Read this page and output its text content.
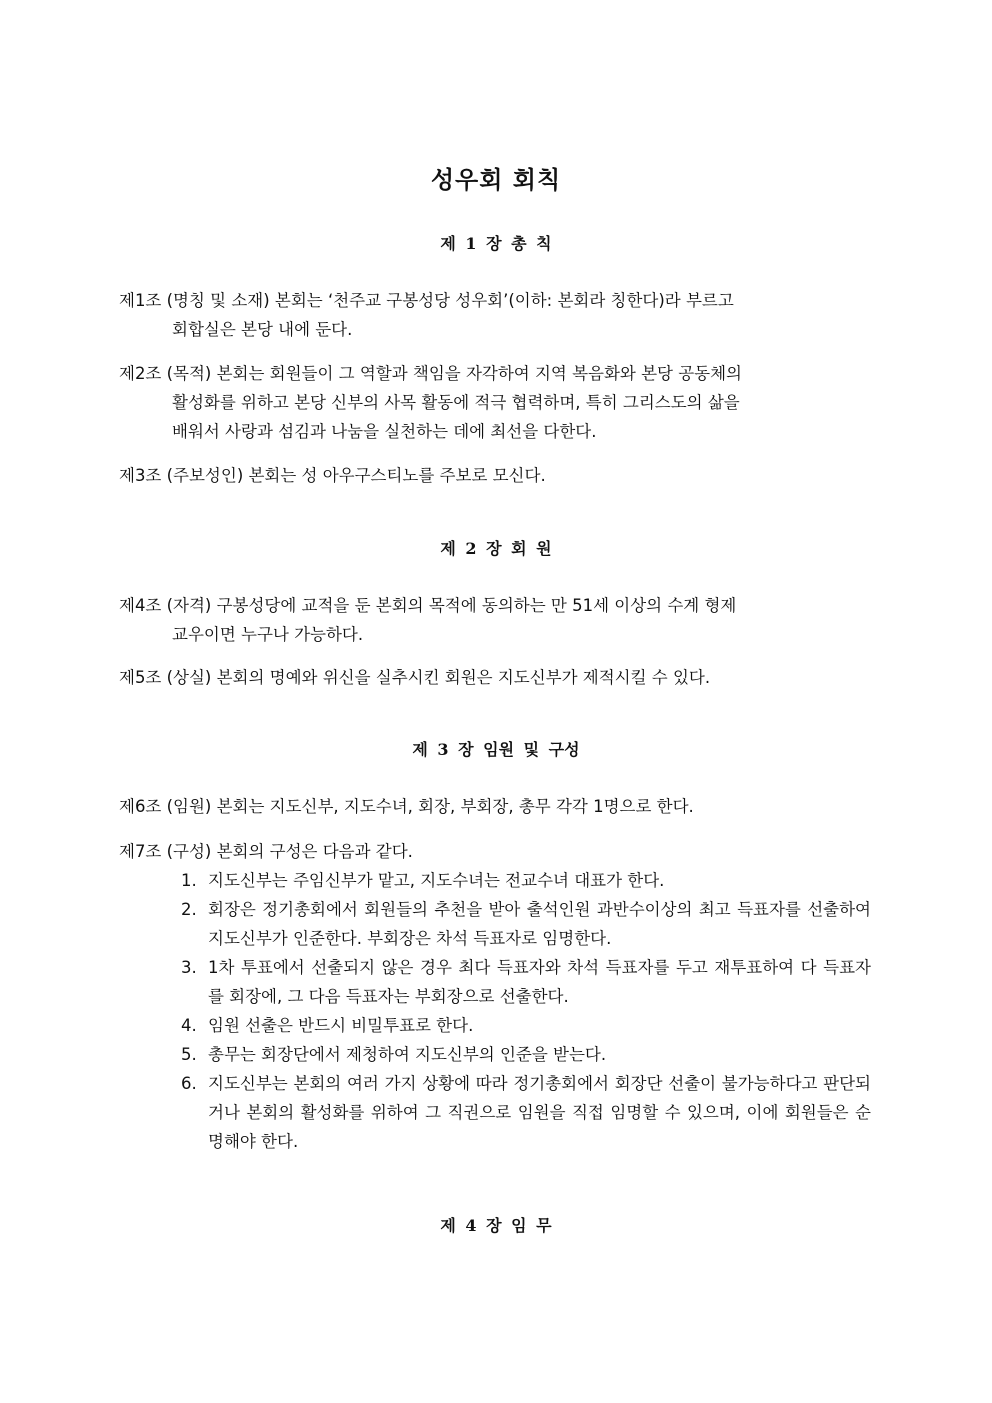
성우회 회칙
제 1 장 총 칙
제1조 (명칭 및 소재) 본회는 ‘천주교 구봉성당 성우회’(이하: 본회라 칭한다)라 부르고
회합실은 본당 내에 둔다.
제2조 (목적) 본회는 회원들이 그 역할과 책임을 자각하여 지역 복음화와 본당 공동체의
활성화를 위하고 본당 신부의 사목 활동에 적극 협력하며, 특히 그리스도의 삶을
배워서 사랑과 섬김과 나눔을 실천하는 데에 최선을 다한다.
제3조 (주보성인) 본회는 성 아우구스티노를 주보로 모신다.
제 2 장 회 원
제4조 (자격) 구봉성당에 교적을 둔 본회의 목적에 동의하는 만 51세 이상의 수계 형제
교우이면 누구나 가능하다.
제5조 (상실) 본회의 명예와 위신을 실추시킨 회원은 지도신부가 제적시킬 수 있다.
제 3 장 임원 및 구성
제6조 (임원) 본회는 지도신부, 지도수녀, 회장, 부회장, 총무 각각 1명으로 한다.
제7조 (구성) 본회의 구성은 다음과 같다.
1. 지도신부는 주임신부가 맡고, 지도수녀는 전교수녀 대표가 한다.
2. 회장은 정기총회에서 회원들의 추천을 받아 출석인원 과반수이상의 최고 득표자를 선출하여 지도신부가 인준한다. 부회장은 차석 득표자로 임명한다.
3. 1차 투표에서 선출되지 않은 경우 최다 득표자와 차석 득표자를 두고 재투표하여 다 득표자를 회장에, 그 다음 득표자는 부회장으로 선출한다.
4. 임원 선출은 반드시 비밀투표로 한다.
5. 총무는 회장단에서 제청하여 지도신부의 인준을 받는다.
6. 지도신부는 본회의 여러 가지 상황에 따라 정기총회에서 회장단 선출이 불가능하다고 판단되거나 본회의 활성화를 위하여 그 직권으로 임원을 직접 임명할 수 있으며, 이에 회원들은 순명해야 한다.
제 4 장 임 무
